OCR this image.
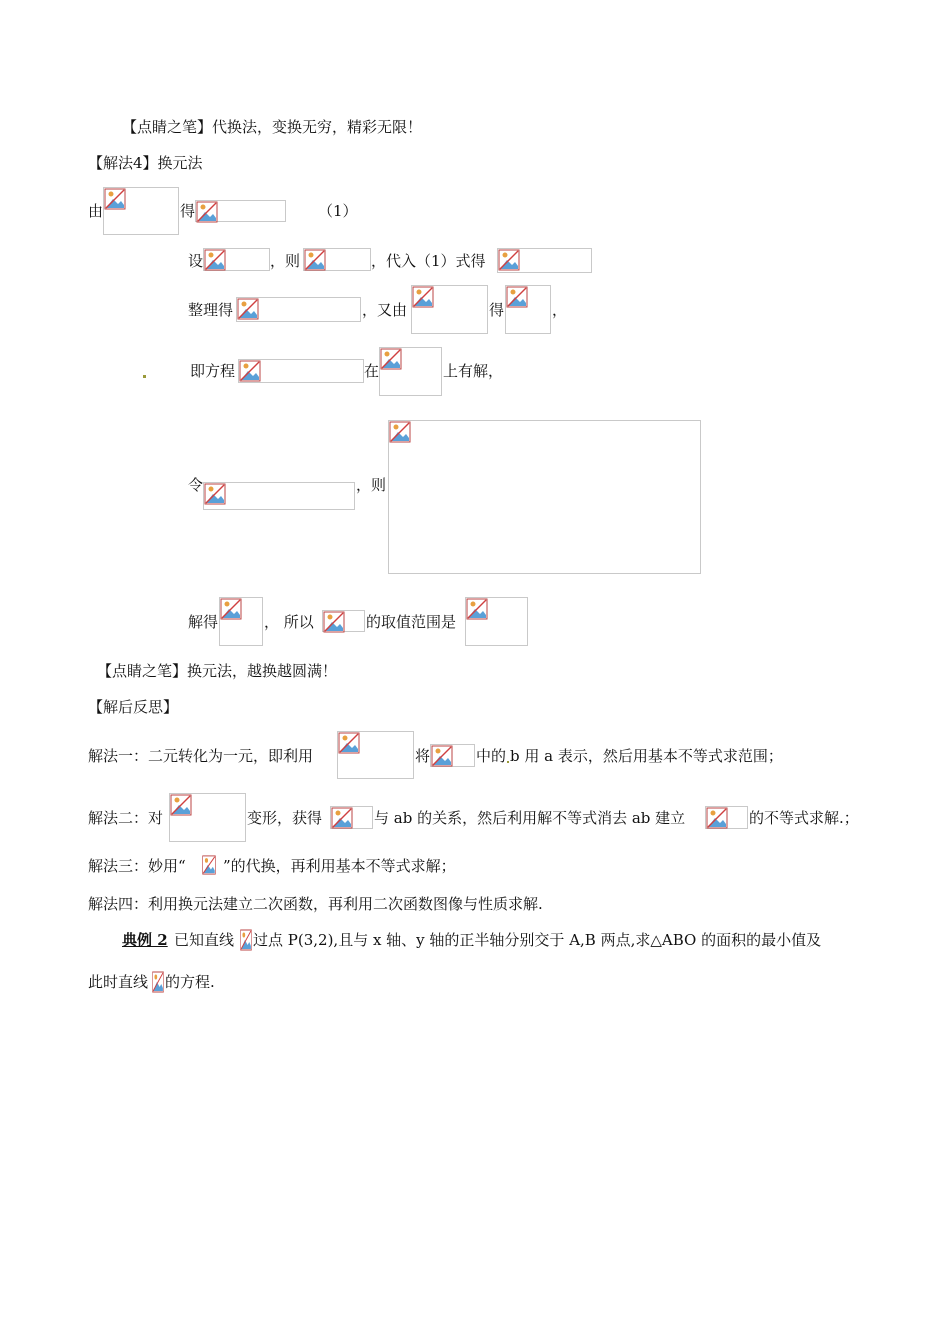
【点睛之笔】代换法，变换无穷，精彩无限！
【解法4】换元法
由	得	（1）
设	，则	，代入（1）式得
整理得	，又由	得	，
即方程	在	上有解，
令	，则
解得	， 所以	的取值范围是
【点睛之笔】换元法，越换越圆满！
【解后反思】
解法一：二元转化为一元，即利用	将	中的 b 用 a 表示，然后用基本不等式求范围；
解法二：对	变形，获得	与 ab 的关系，然后利用解不等式消去 ab 建立	的不等式求解.；
解法三：妙用“ ”的代换，再利用基本不等式求解；
解法四：利用换元法建立二次函数，再利用二次函数图像与性质求解.
典例 2 已知直线 过点 P(3,2),且与 x 轴、y 轴的正半轴分别交于 A,B 两点,求△ABO 的面积的最小值及
此时直线 的方程.
